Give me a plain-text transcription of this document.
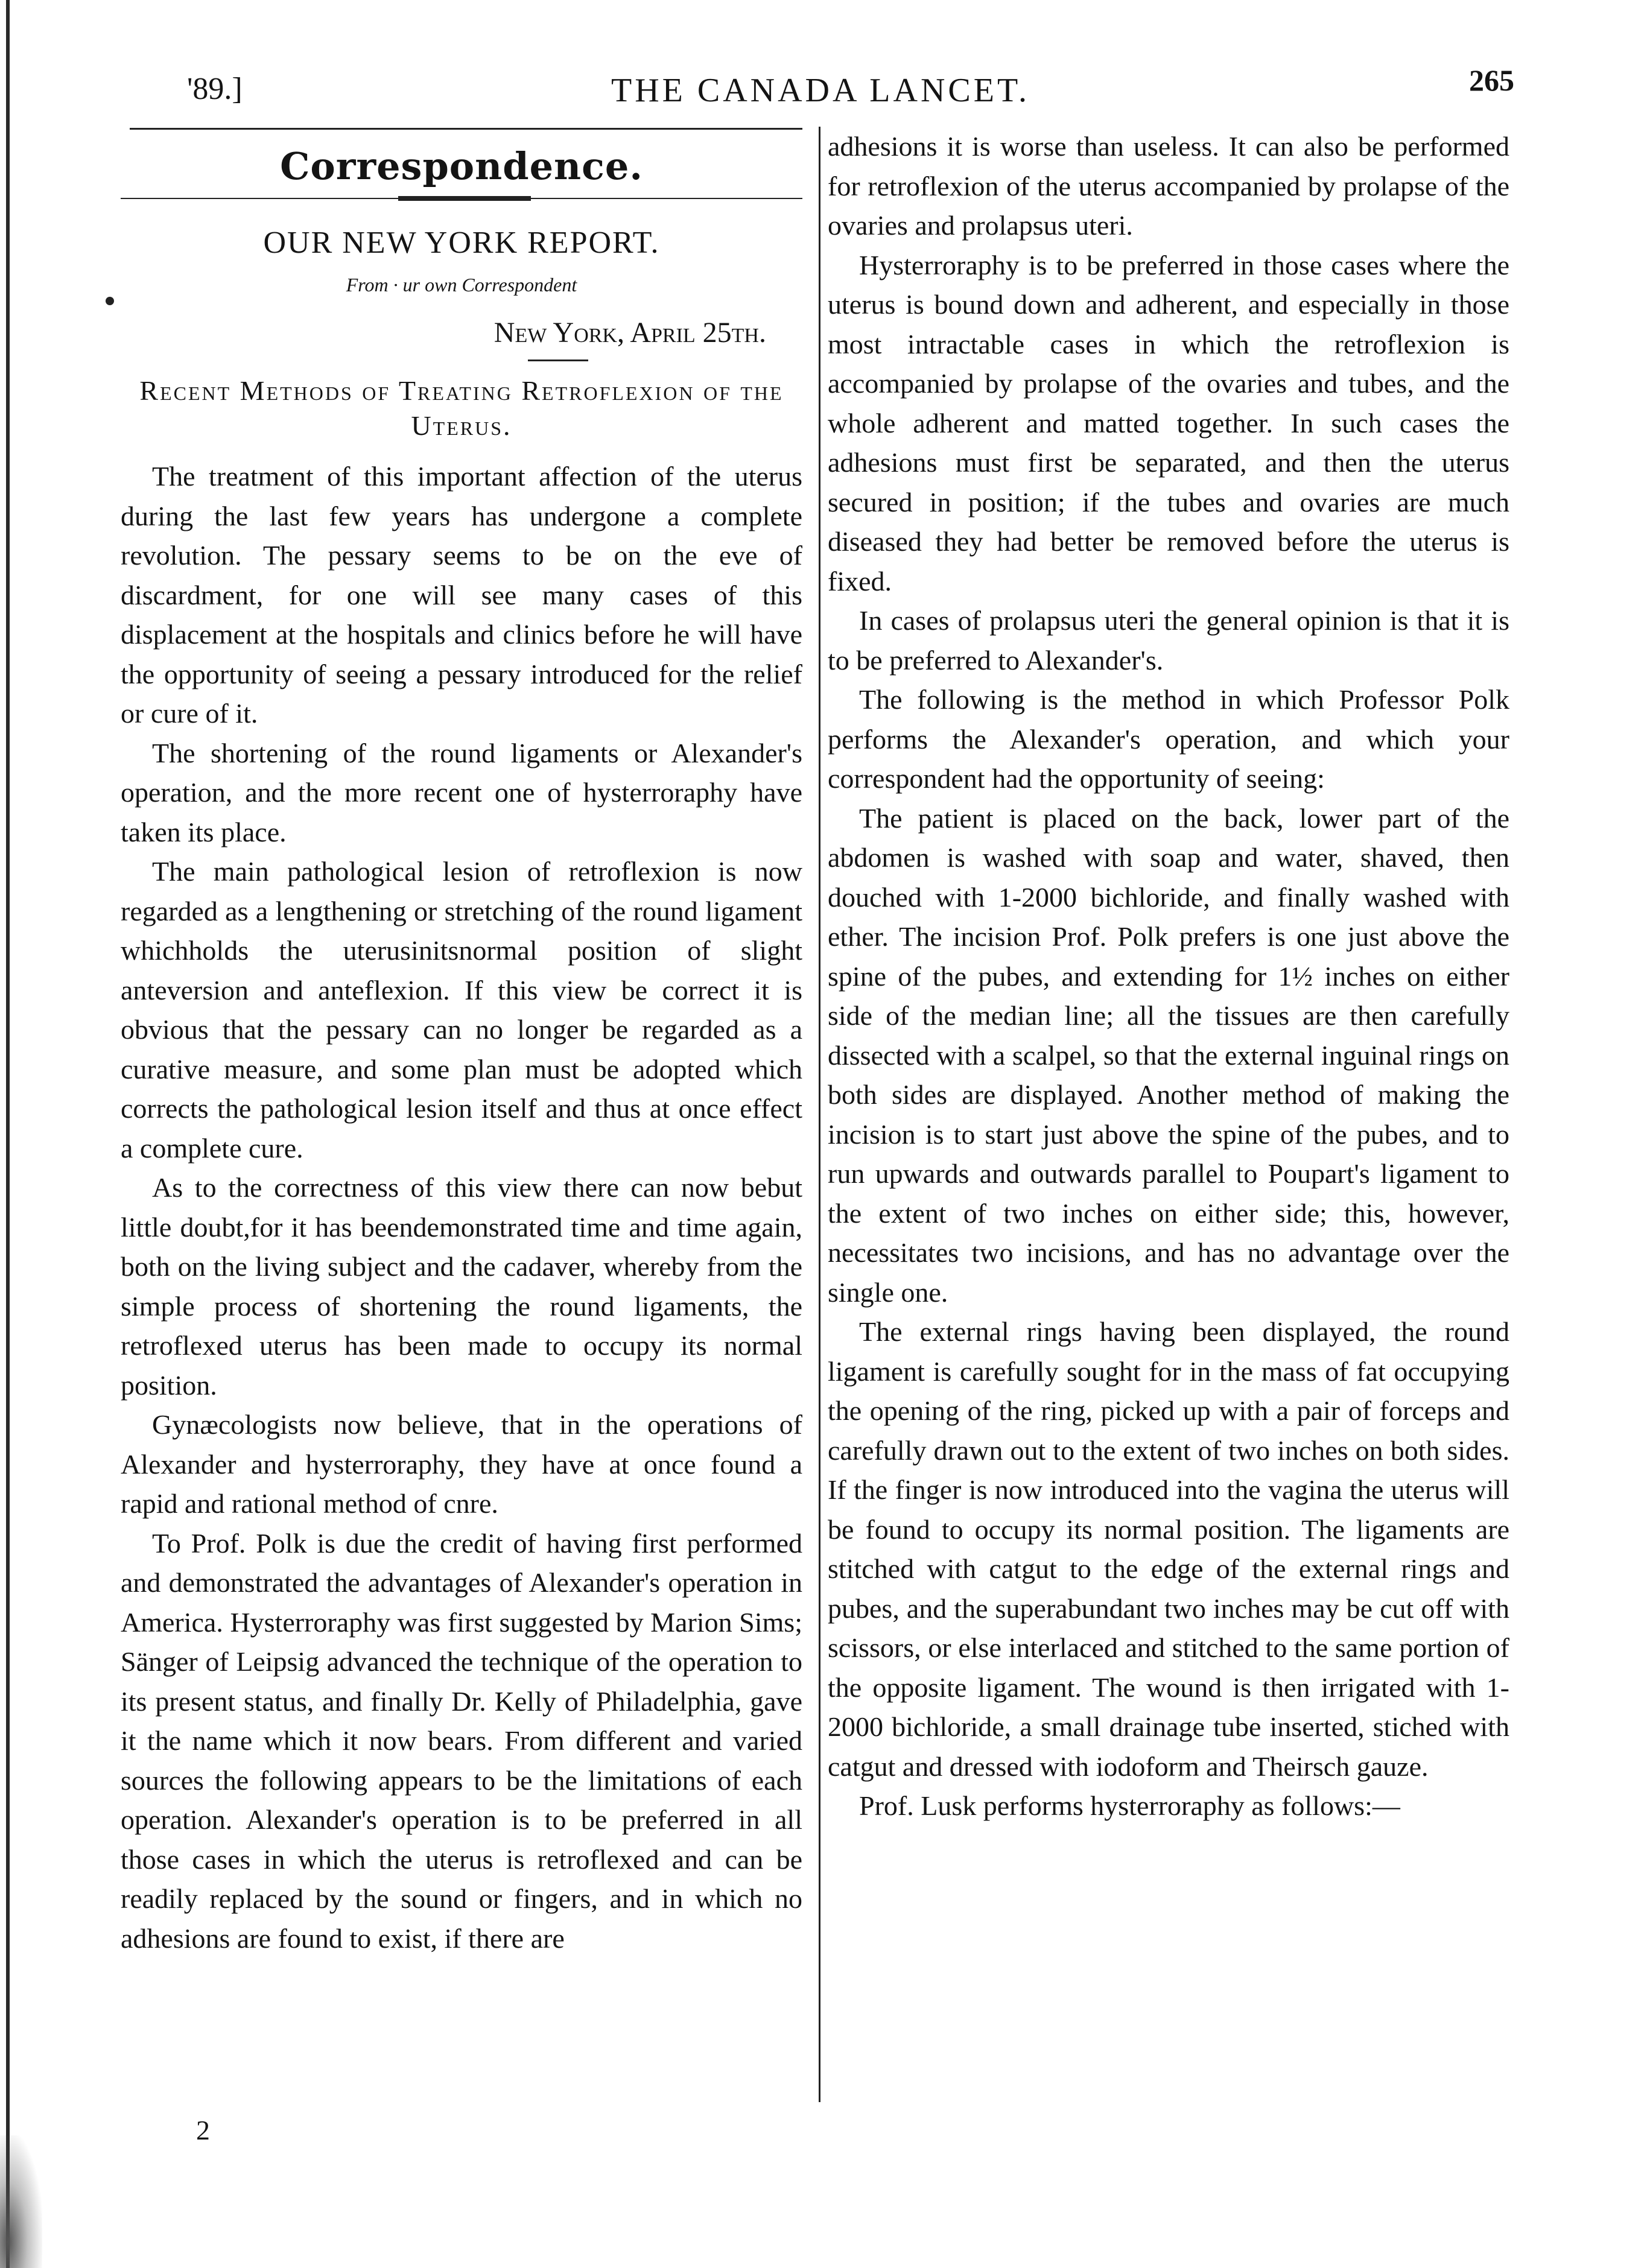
'89.]	THE CANADA LANCET.	265
Correspondence.
OUR NEW YORK REPORT.
From · ur own Correspondent
New York, April 25th.
Recent Methods of Treating Retroflexion of the Uterus.

The treatment of this important affection of the uterus during the last few years has undergone a complete revolution. The pessary seems to be on the eve of discardment, for one will see many cases of this displacement at the hospitals and clinics before he will have the opportunity of seeing a pessary introduced for the relief or cure of it.

The shortening of the round ligaments or Alexander's operation, and the more recent one of hysterroraphy have taken its place.

The main pathological lesion of retroflexion is now regarded as a lengthening or stretching of the round ligament whichholds the uterusinitsnormal position of slight anteversion and anteflexion. If this view be correct it is obvious that the pessary can no longer be regarded as a curative measure, and some plan must be adopted which corrects the pathological lesion itself and thus at once effect a complete cure.

As to the correctness of this view there can now bebut little doubt,for it has beendemonstrated time and time again, both on the living subject and the cadaver, whereby from the simple process of shortening the round ligaments, the retroflexed uterus has been made to occupy its normal position.

Gynæcologists now believe, that in the operations of Alexander and hysterroraphy, they have at once found a rapid and rational method of cnre.

To Prof. Polk is due the credit of having first performed and demonstrated the advantages of Alexander's operation in America. Hysterroraphy was first suggested by Marion Sims; Sänger of Leipsig advanced the technique of the operation to its present status, and finally Dr. Kelly of Philadelphia, gave it the name which it now bears. From different and varied sources the following appears to be the limitations of each operation. Alexander's operation is to be preferred in all those cases in which the uterus is retroflexed and can be readily replaced by the sound or fingers, and in which no adhesions are found to exist, if there are

adhesions it is worse than useless. It can also be performed for retroflexion of the uterus accompanied by prolapse of the ovaries and prolapsus uteri.

Hysterroraphy is to be preferred in those cases where the uterus is bound down and adherent, and especially in those most intractable cases in which the retroflexion is accompanied by prolapse of the ovaries and tubes, and the whole adherent and matted together. In such cases the adhesions must first be separated, and then the uterus secured in position; if the tubes and ovaries are much diseased they had better be removed before the uterus is fixed.

In cases of prolapsus uteri the general opinion is that it is to be preferred to Alexander's.

The following is the method in which Professor Polk performs the Alexander's operation, and which your correspondent had the opportunity of seeing:

The patient is placed on the back, lower part of the abdomen is washed with soap and water, shaved, then douched with 1-2000 bichloride, and finally washed with ether. The incision Prof. Polk prefers is one just above the spine of the pubes, and extending for 1½ inches on either side of the median line; all the tissues are then carefully dissected with a scalpel, so that the external inguinal rings on both sides are displayed. Another method of making the incision is to start just above the spine of the pubes, and to run upwards and outwards parallel to Poupart's ligament to the extent of two inches on either side; this, however, necessitates two incisions, and has no advantage over the single one.

The external rings having been displayed, the round ligament is carefully sought for in the mass of fat occupying the opening of the ring, picked up with a pair of forceps and carefully drawn out to the extent of two inches on both sides. If the finger is now introduced into the vagina the uterus will be found to occupy its normal position. The ligaments are stitched with catgut to the edge of the external rings and pubes, and the superabundant two inches may be cut off with scissors, or else interlaced and stitched to the same portion of the opposite ligament. The wound is then irrigated with 1-2000 bichloride, a small drainage tube inserted, stiched with catgut and dressed with iodoform and Theirsch gauze.

Prof. Lusk performs hysterroraphy as follows:—

2
